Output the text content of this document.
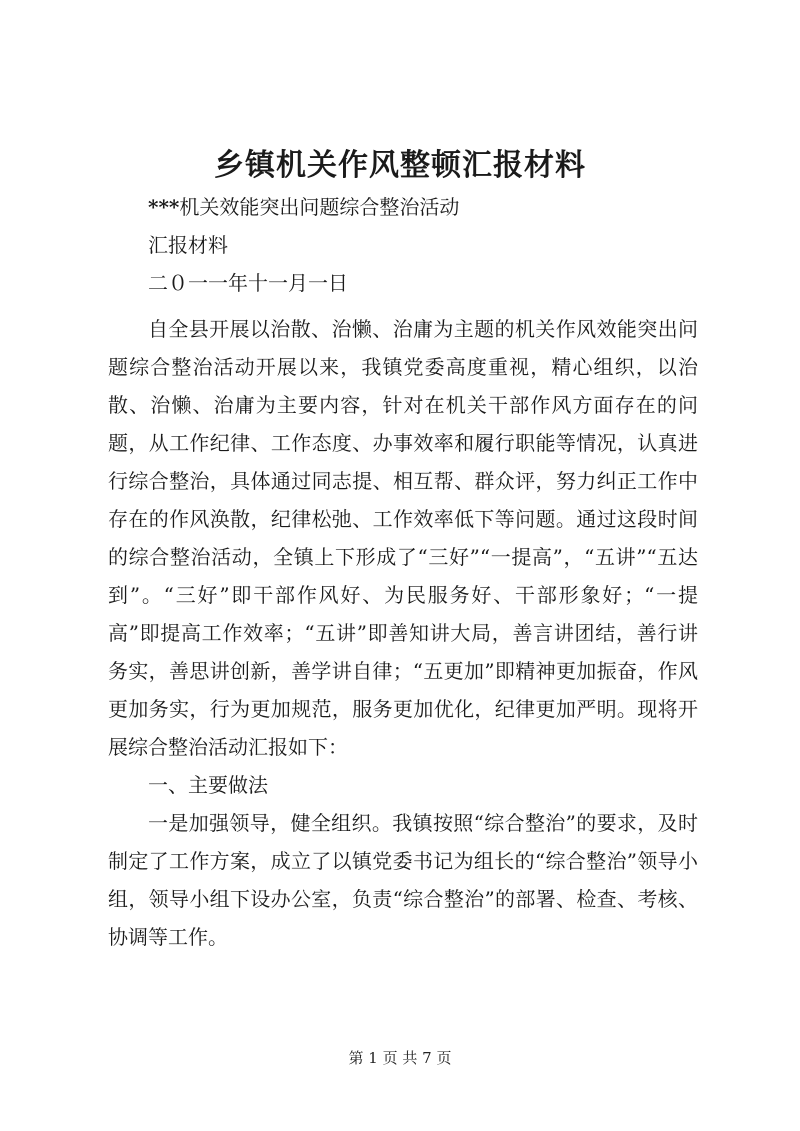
乡镇机关作风整顿汇报材料
***机关效能突出问题综合整治活动
汇报材料
二０一一年十一月一日

自全县开展以治散、治懒、治庸为主题的机关作风效能突出问题综合整治活动开展以来，我镇党委高度重视，精心组织，以治散、治懒、治庸为主要内容，针对在机关干部作风方面存在的问题，从工作纪律、工作态度、办事效率和履行职能等情况，认真进行综合整治，具体通过同志提、相互帮、群众评，努力纠正工作中存在的作风涣散，纪律松弛、工作效率低下等问题。通过这段时间的综合整治活动，全镇上下形成了“三好”“一提高”，“五讲”“五达到”。“三好”即干部作风好、为民服务好、干部形象好；“一提高”即提高工作效率；“五讲”即善知讲大局，善言讲团结，善行讲务实，善思讲创新，善学讲自律；“五更加”即精神更加振奋，作风更加务实，行为更加规范，服务更加优化，纪律更加严明。现将开展综合整治活动汇报如下：

一、主要做法

一是加强领导，健全组织。我镇按照“综合整治”的要求，及时制定了工作方案，成立了以镇党委书记为组长的“综合整治”领导小组，领导小组下设办公室，负责“综合整治”的部署、检查、考核、协调等工作。

第 1 页 共 7 页
